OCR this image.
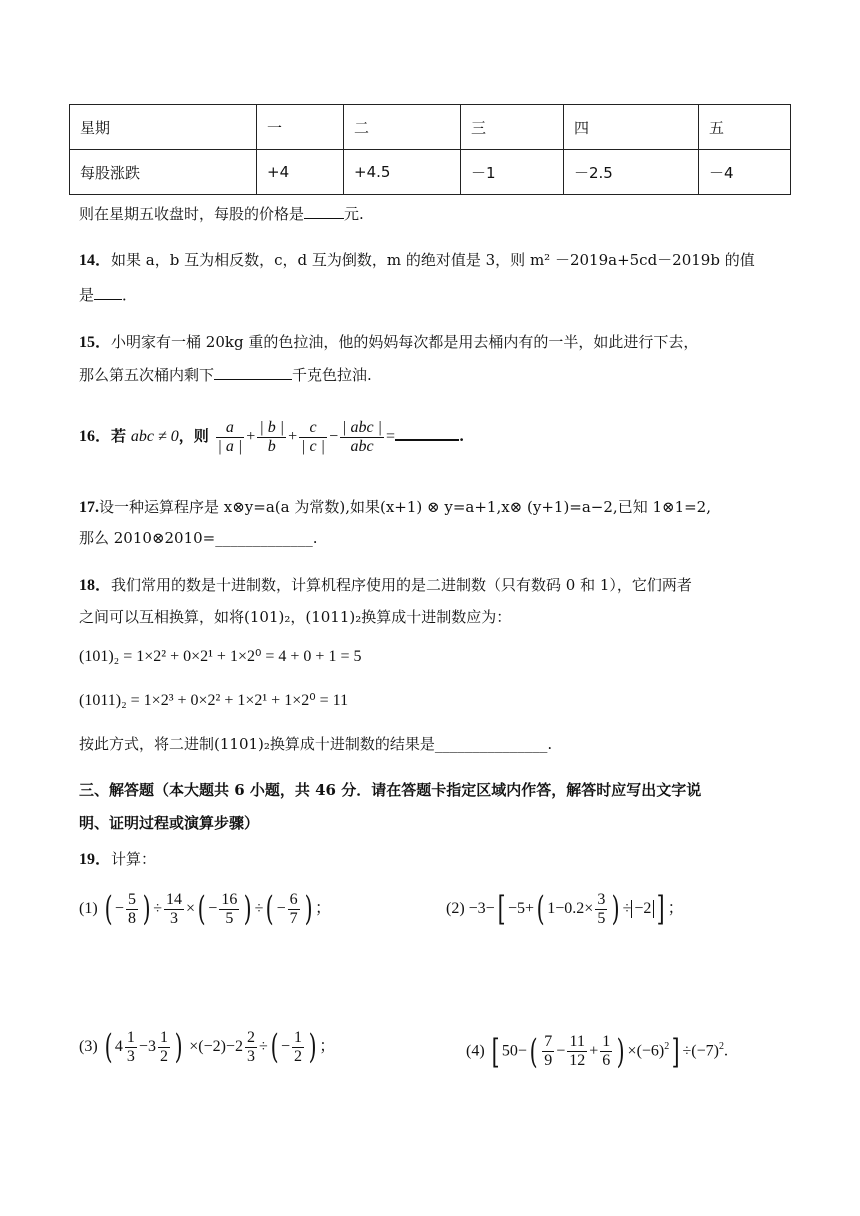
星期	一	二	三	四	五
每股涨跌	+4	+4.5	－1	－2.5	－4
则在星期五收盘时，每股的价格是	元.
14．如果 a，b 互为相反数，c，d 互为倒数，m 的绝对值是 3，则 m² －2019a+5cd－2019b 的值
是 ．
15．小明家有一桶 20kg 重的色拉油，他的妈妈每次都是用去桶内有的一半，如此进行下去，
那么第五次桶内剩下	千克色拉油.
16．若 abc ≠ 0，则 $\frac{a}{| a |} + \frac{| b |}{b} + \frac{c}{| c |} - \frac{\text{| abc |}}{\text{abc}}$ =	.
17.设一种运算程序是 x⊗y=a(a 为常数),如果(x+1) ⊗ y=a+1,x⊗ (y+1)=a−2,已知 1⊗1=2,
那么 2010⊗2010=_____________.
18．我们常用的数是十进制数，计算机程序使用的是二进制数（只有数码 0 和 1），它们两者
之间可以互相换算，如将(101)₂，(1011)₂换算成十进制数应为：
(101)₂ = 1×2² + 0×2¹ + 1×2⁰ = 4 + 0 + 1 = 5
(1011)₂ = 1×2³ + 0×2² + 1×2¹ + 1×2⁰ = 11
按此方式，将二进制(1101)₂换算成十进制数的结果是_______________.
三、解答题（本大题共 6 小题，共 46 分．请在答题卡指定区域内作答，解答时应写出文字说
明、证明过程或演算步骤）
19．计算：
(1) ( − $\frac{5}{8}$ ) ÷ $\frac{14}{3}$ ×( − $\frac{16}{5}$ ) ÷( − $\frac{6}{7}$ ) ；	(2) −3−[ −5+( $1-0.2\times \frac{3}{5}$ ) ÷ −2 ] ；
(3) ( $4 \frac{1}{3} -3 \frac{1}{2}$ ) $\times(-2)-2 \frac{2}{3}$ ÷( − $\frac{1}{2}$ ) ；	(4) [ $50-( \frac{7}{9} - \frac{11}{12} + \frac{1}{6}$ ) $\times(-6)^2] \div(-7)^2$.
